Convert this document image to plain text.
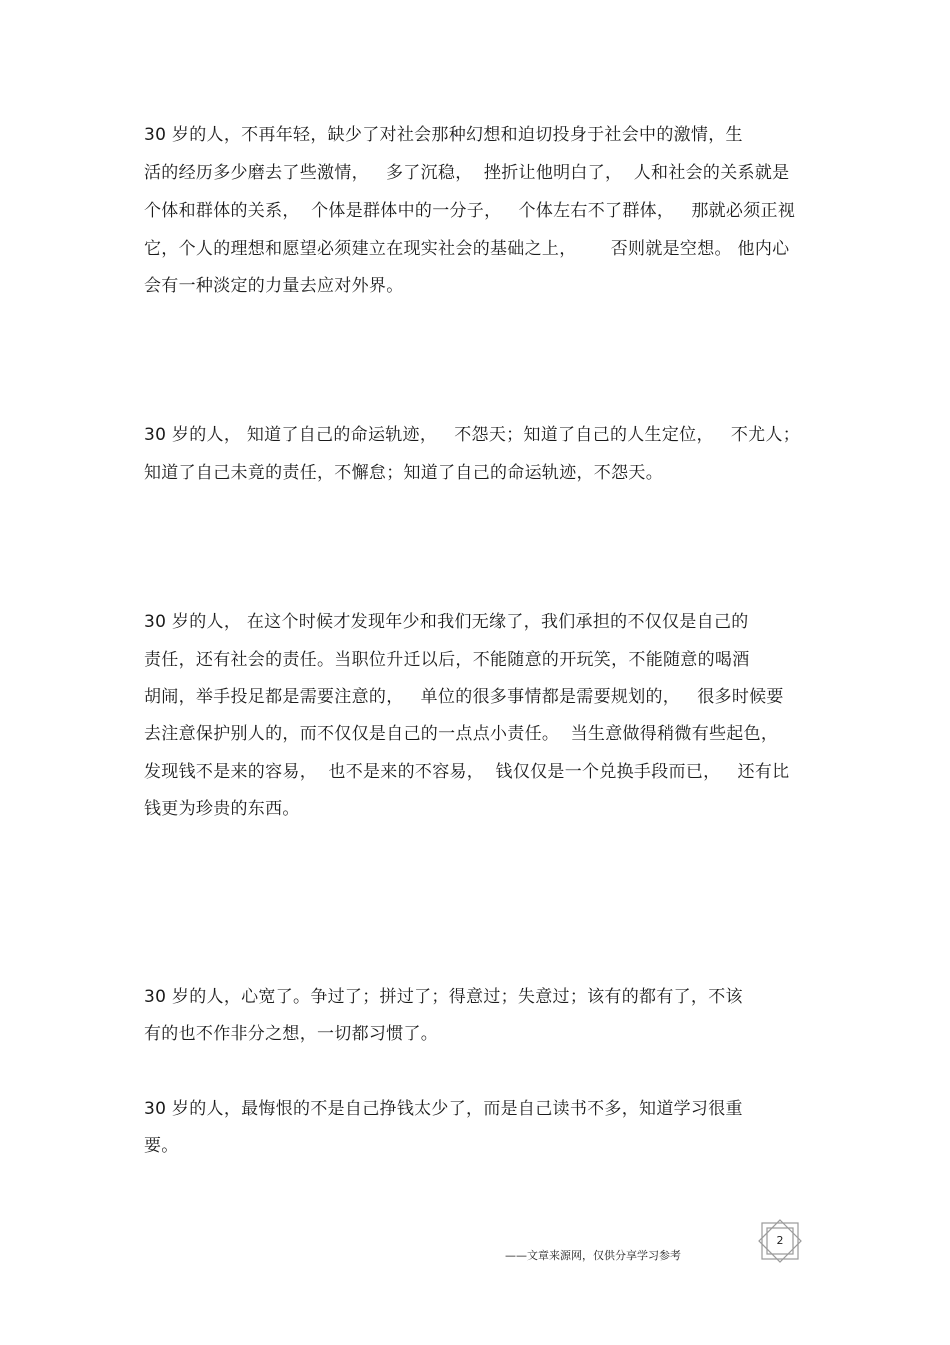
30 岁的人，不再年轻，缺少了对社会那种幻想和迫切投身于社会中的激情，生
活的经历多少磨去了些激情，   多了沉稳，  挫折让他明白了，  人和社会的关系就是
个体和群体的关系，  个体是群体中的一分子，   个体左右不了群体，   那就必须正视
它，个人的理想和愿望必须建立在现实社会的基础之上，      否则就是空想。 他内心
会有一种淡定的力量去应对外界。
30 岁的人， 知道了自己的命运轨迹，   不怨天；知道了自己的人生定位，   不尤人；
知道了自己未竟的责任，不懈怠；知道了自己的命运轨迹，不怨天。
30 岁的人， 在这个时候才发现年少和我们无缘了，我们承担的不仅仅是自己的
责任，还有社会的责任。当职位升迁以后，不能随意的开玩笑，不能随意的喝酒
胡闹，举手投足都是需要注意的，   单位的很多事情都是需要规划的，   很多时候要
去注意保护别人的，而不仅仅是自己的一点点小责任。  当生意做得稍微有些起色，
发现钱不是来的容易，  也不是来的不容易，  钱仅仅是一个兑换手段而已，   还有比
钱更为珍贵的东西。
30 岁的人，心宽了。争过了；拼过了；得意过；失意过；该有的都有了，不该
有的也不作非分之想，一切都习惯了。
30 岁的人，最悔恨的不是自己挣钱太少了，而是自己读书不多，知道学习很重
要。
——文章来源网，仅供分享学习参考
2
